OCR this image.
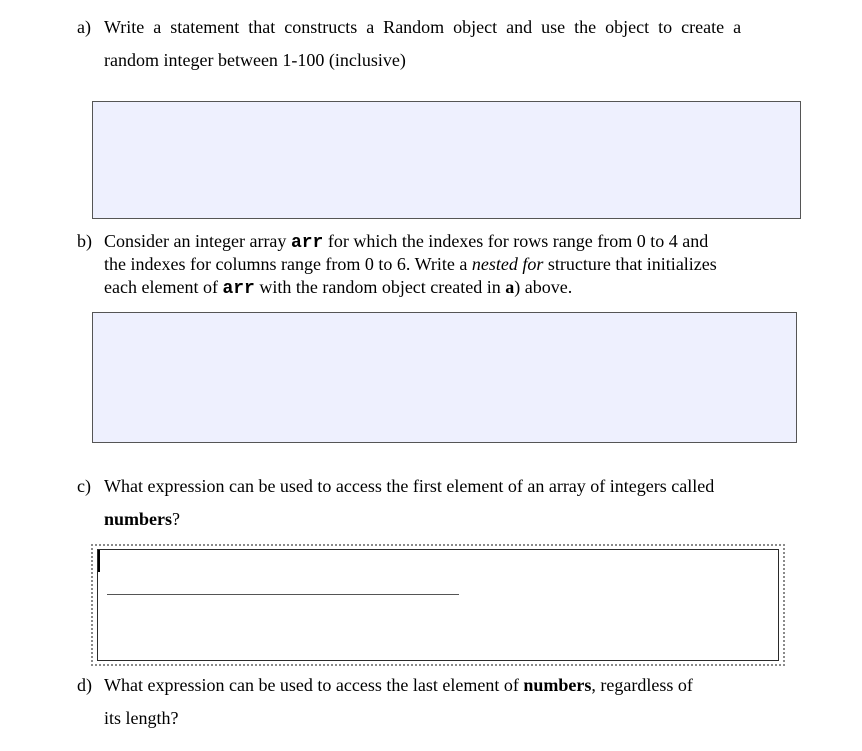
a) Write  a  statement  that  constructs  a  Random  object  and  use  the  object  to  create  a
random integer between 1-100 (inclusive)
b) Consider an integer array arr for which the indexes for rows range from 0 to 4 and
the indexes for columns range from 0 to 6. Write a nested for structure that initializes
each element of arr with the random object created in a) above.
c) What expression can be used to access the first element of an array of integers called
numbers?
d) What expression can be used to access the last element of numbers, regardless of
its length?
